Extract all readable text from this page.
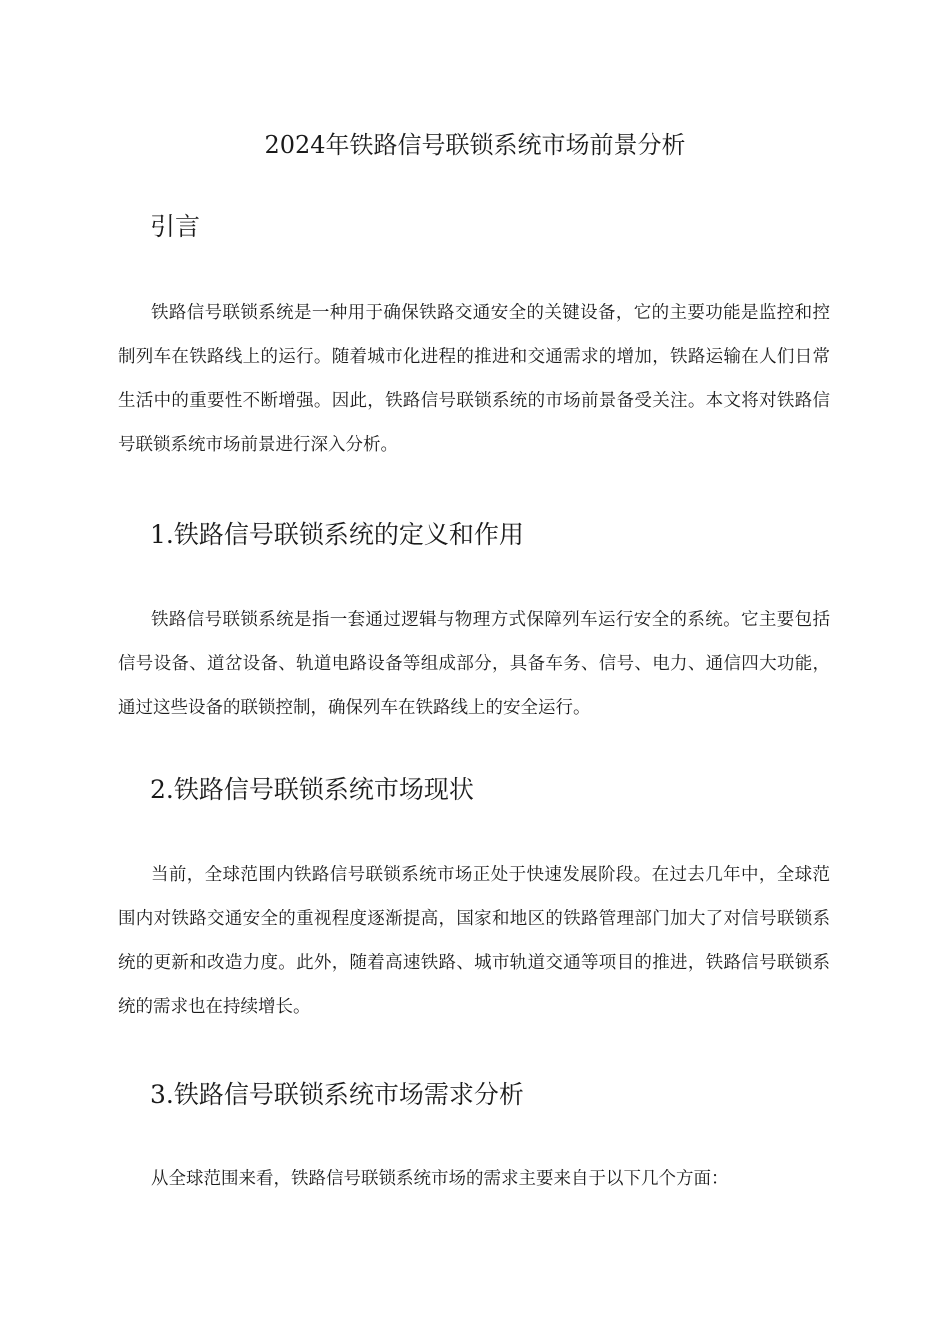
2024年铁路信号联锁系统市场前景分析
引言

铁路信号联锁系统是一种用于确保铁路交通安全的关键设备，它的主要功能是监控和控制列车在铁路线上的运行。随着城市化进程的推进和交通需求的增加，铁路运输在人们日常生活中的重要性不断增强。因此，铁路信号联锁系统的市场前景备受关注。本文将对铁路信号联锁系统市场前景进行深入分析。

1.铁路信号联锁系统的定义和作用

铁路信号联锁系统是指一套通过逻辑与物理方式保障列车运行安全的系统。它主要包括信号设备、道岔设备、轨道电路设备等组成部分，具备车务、信号、电力、通信四大功能，通过这些设备的联锁控制，确保列车在铁路线上的安全运行。

2.铁路信号联锁系统市场现状

当前，全球范围内铁路信号联锁系统市场正处于快速发展阶段。在过去几年中，全球范围内对铁路交通安全的重视程度逐渐提高，国家和地区的铁路管理部门加大了对信号联锁系统的更新和改造力度。此外，随着高速铁路、城市轨道交通等项目的推进，铁路信号联锁系统的需求也在持续增长。

3.铁路信号联锁系统市场需求分析

从全球范围来看，铁路信号联锁系统市场的需求主要来自于以下几个方面：
